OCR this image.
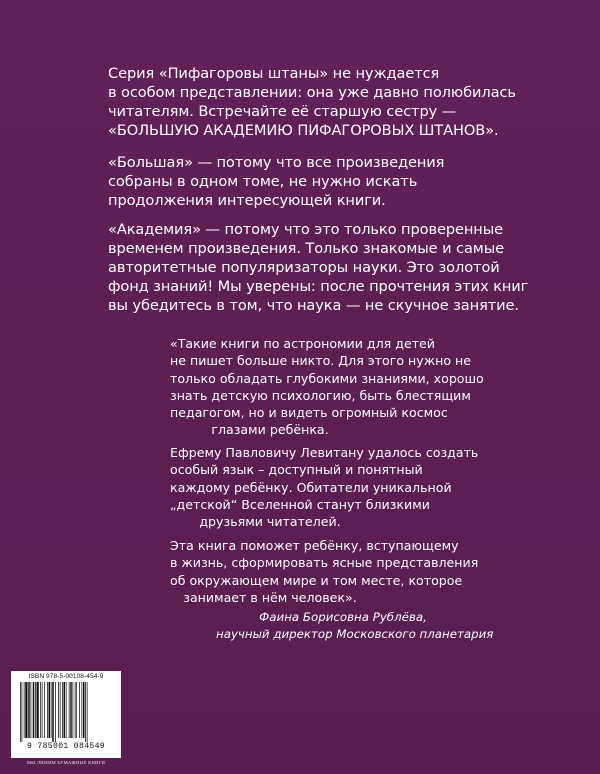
Серия «Пифагоровы штаны» не нуждается

в особом представлении: она уже давно полюбилась

читателям. Встречайте её старшую сестру —

«БОЛЬШУЮ АКАДЕМИЮ ПИФАГОРОВЫХ ШТАНОВ».

«Большая» — потому что все произведения

собраны в одном томе, не нужно искать

продолжения интересующей книги.

«Академия» — потому что это только проверенные

временем произведения. Только знакомые и самые

авторитетные популяризаторы науки. Это золотой

фонд знаний! Мы уверены: после прочтения этих книг

вы убедитесь в том, что наука — не скучное занятие.

«Такие книги по астрономии для детей

не пишет больше никто. Для этого нужно не

только обладать глубокими знаниями, хорошо

знать детскую психологию, быть блестящим

педагогом, но и видеть огромный космос

глазами ребёнка.

Ефрему Павловичу Левитану удалось создать

особый язык – доступный и понятный

каждому ребёнку. Обитатели уникальной

„детской“ Вселенной станут близкими

друзьями читателей.

Эта книга поможет ребёнку, вступающему

в жизнь, сформировать ясные представления

об окружающем мире и том месте, которое

занимает в нём человек».

Фаина Борисовна Рублёва,
научный директор Московского планетария
ISBN 978-5-00108-454-9
9 785001 084549
МЫ ЛЮБИМ БУМАЖНЫЕ КНИГИ
